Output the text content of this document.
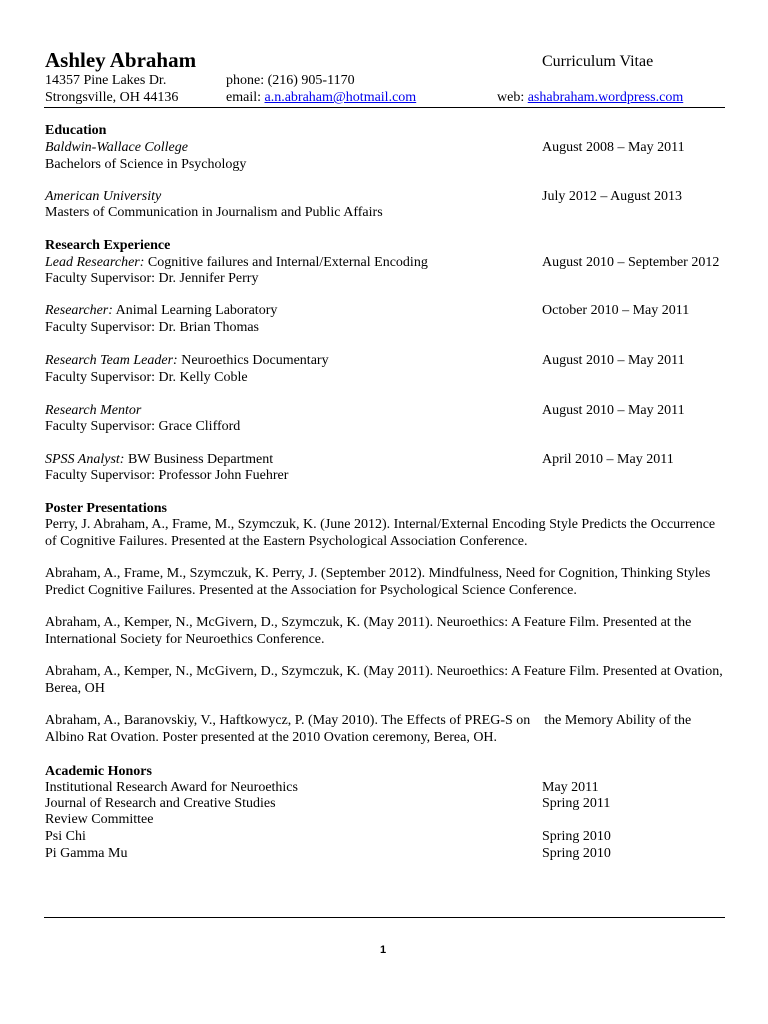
Ashley Abraham	Curriculum Vitae
14357 Pine Lakes Dr.	phone: (216) 905-1170
Strongsville, OH 44136	email: a.n.abraham@hotmail.com	web: ashabraham.wordpress.com
Education
Baldwin-Wallace College	August 2008 – May 2011
Bachelors of Science in Psychology
American University	July 2012 – August 2013
Masters of Communication in Journalism and Public Affairs
Research Experience
Lead Researcher: Cognitive failures and Internal/External Encoding	August 2010 – September 2012
Faculty Supervisor: Dr. Jennifer Perry
Researcher: Animal Learning Laboratory	October 2010 – May 2011
Faculty Supervisor: Dr. Brian Thomas
Research Team Leader: Neuroethics Documentary	August 2010 – May 2011
Faculty Supervisor: Dr. Kelly Coble
Research Mentor	August 2010 – May 2011
Faculty Supervisor: Grace Clifford
SPSS Analyst: BW Business Department	April 2010 – May 2011
Faculty Supervisor: Professor John Fuehrer
Poster Presentations
Perry, J. Abraham, A., Frame, M., Szymczuk, K. (June 2012). Internal/External Encoding Style Predicts the Occurrence of Cognitive Failures. Presented at the Eastern Psychological Association Conference.
Abraham, A., Frame, M., Szymczuk, K. Perry, J. (September 2012). Mindfulness, Need for Cognition, Thinking Styles Predict Cognitive Failures. Presented at the Association for Psychological Science Conference.
Abraham, A., Kemper, N., McGivern, D., Szymczuk, K. (May 2011). Neuroethics: A Feature Film. Presented at the International Society for Neuroethics Conference.
Abraham, A., Kemper, N., McGivern, D., Szymczuk, K. (May 2011). Neuroethics: A Feature Film. Presented at Ovation, Berea, OH
Abraham, A., Baranovskiy, V., Haftkowycz, P. (May 2010). The Effects of PREG-S on    the Memory Ability of the Albino Rat Ovation. Poster presented at the 2010 Ovation ceremony, Berea, OH.
Academic Honors
Institutional Research Award for Neuroethics	May 2011
Journal of Research and Creative Studies	Spring 2011
Review Committee
Psi Chi	Spring 2010
Pi Gamma Mu	Spring 2010
1
